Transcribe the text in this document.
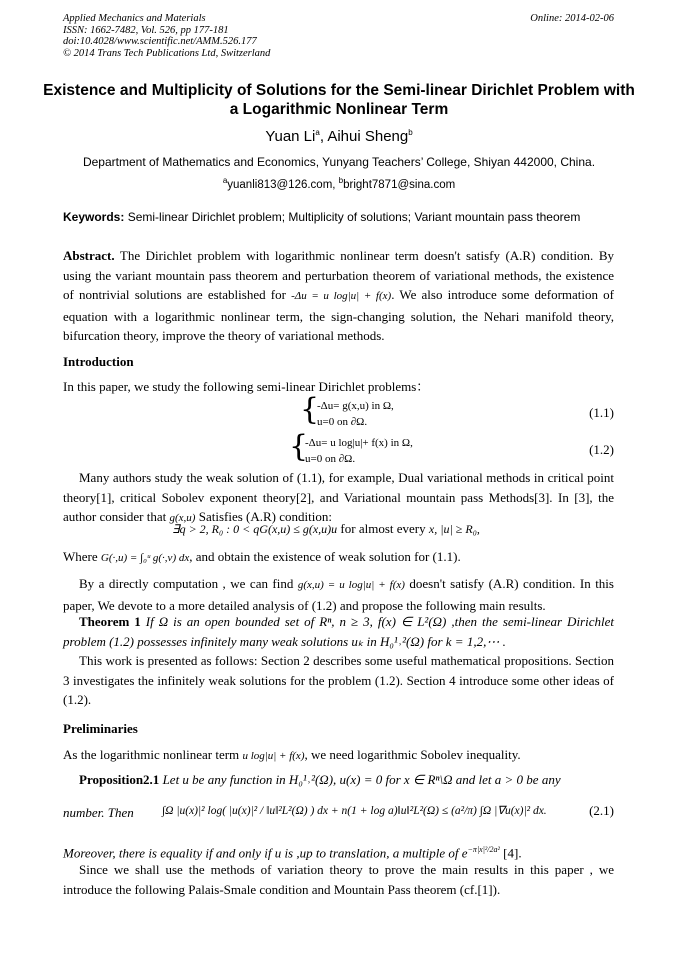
Applied Mechanics and Materials
ISSN: 1662-7482, Vol. 526, pp 177-181
doi:10.4028/www.scientific.net/AMM.526.177
© 2014 Trans Tech Publications Ltd, Switzerland
Online: 2014-02-06
Existence and Multiplicity of Solutions for the Semi-linear Dirichlet Problem with a Logarithmic Nonlinear Term
Yuan Li$^a$, Aihui Sheng$^b$
Department of Mathematics and Economics, Yunyang Teachers’ College, Shiyan 442000, China.
$^a$yuanli813@126.com, $^b$bright7871@sina.com
Keywords: Semi-linear Dirichlet problem; Multiplicity of solutions; Variant mountain pass theorem
Abstract. The Dirichlet problem with logarithmic nonlinear term doesn't satisfy (A.R) condition. By using the variant mountain pass theorem and perturbation theorem of variational methods, the existence of nontrivial solutions are established for -Δu = u log|u| + f(x). We also introduce some deformation of equation with a logarithmic nonlinear term, the sign-changing solution, the Nehari manifold theory, bifurcation theory, improve the theory of variational methods.
Introduction
In this paper, we study the following semi-linear Dirichlet problems：
{
-Δu= g(x,u) in Ω,
u=0 on ∂Ω.
(1.1)
{
-Δu= u log|u|+ f(x) in Ω,
u=0 on ∂Ω.
(1.2)
Many authors study the weak solution of (1.1), for example, Dual variational methods in critical point theory[1], critical Sobolev exponent theory[2], and Variational mountain pass Methods[3]. In [3], the author consider that g(x,u) Satisfies (A.R) condition:
∃q > 2, R₀ : 0 < qG(x,u) ≤ g(x,u)u for almost every x, |u| ≥ R₀,
Where G(·,u) = ∫₀ᵘ g(·,v) dx, and obtain the existence of weak solution for (1.1).
By a directly computation , we can find g(x,u) = u log|u| + f(x) doesn't satisfy (A.R) condition. In this paper, We devote to a more detailed analysis of (1.2) and propose the following main results.
Theorem 1 If Ω is an open bounded set of Rⁿ, n ≥ 3, f(x) ∈ L²(Ω) ,then the semi-linear Dirichlet problem (1.2) possesses infinitely many weak solutions uₖ in H₀¹˒²(Ω) for k = 1,2,⋯ .
This work is presented as follows: Section 2 describes some useful mathematical propositions. Section 3 investigates the infinitely weak solutions for the problem (1.2). Section 4 introduce some other ideas of (1.2).
Preliminaries
As the logarithmic nonlinear term u log|u| + f(x), we need logarithmic Sobolev inequality.
Proposition2.1 Let u be any function in H₀¹˒²(Ω), u(x) = 0 for x ∈ Rⁿ\Ω and let a > 0 be any
number. Then	∫Ω |u(x)|² log( |u(x)|² / ‖u‖²L²(Ω) ) dx + n(1 + log a)‖u‖²L²(Ω) ≤ (a²/π) ∫Ω |∇u(x)|² dx.	(2.1)
Moreover, there is equality if and only if u is ,up to translation, a multiple of $e^{-\pi|x|^2/2a^2}$ [4].
Since we shall use the methods of variation theory to prove the main results in this paper , we introduce the following Palais-Smale condition and Mountain Pass theorem (cf.[1]).
